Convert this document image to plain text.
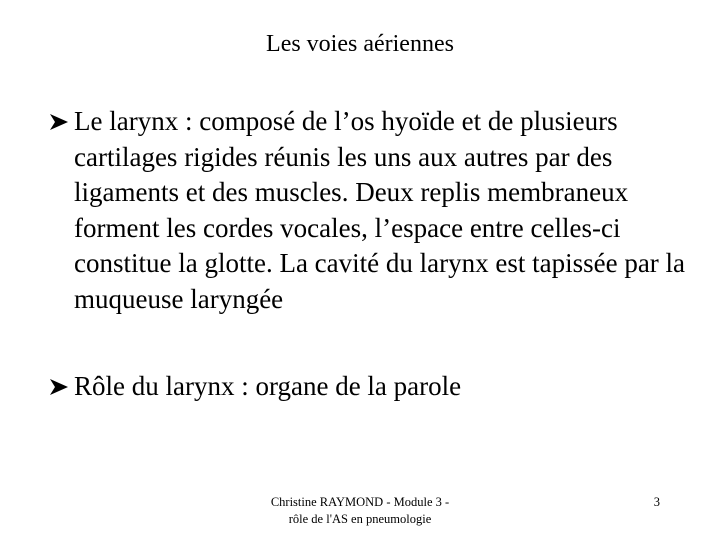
Les voies aériennes
Le larynx : composé de l’os hyoïde et de plusieurs cartilages rigides réunis les uns aux autres par des ligaments et des muscles. Deux replis membraneux forment les cordes vocales, l’espace entre celles-ci constitue la glotte. La cavité du larynx est tapissée par la muqueuse laryngée
Rôle du larynx : organe de la parole
Christine RAYMOND - Module 3 -
rôle de l'AS en pneumologie
3
